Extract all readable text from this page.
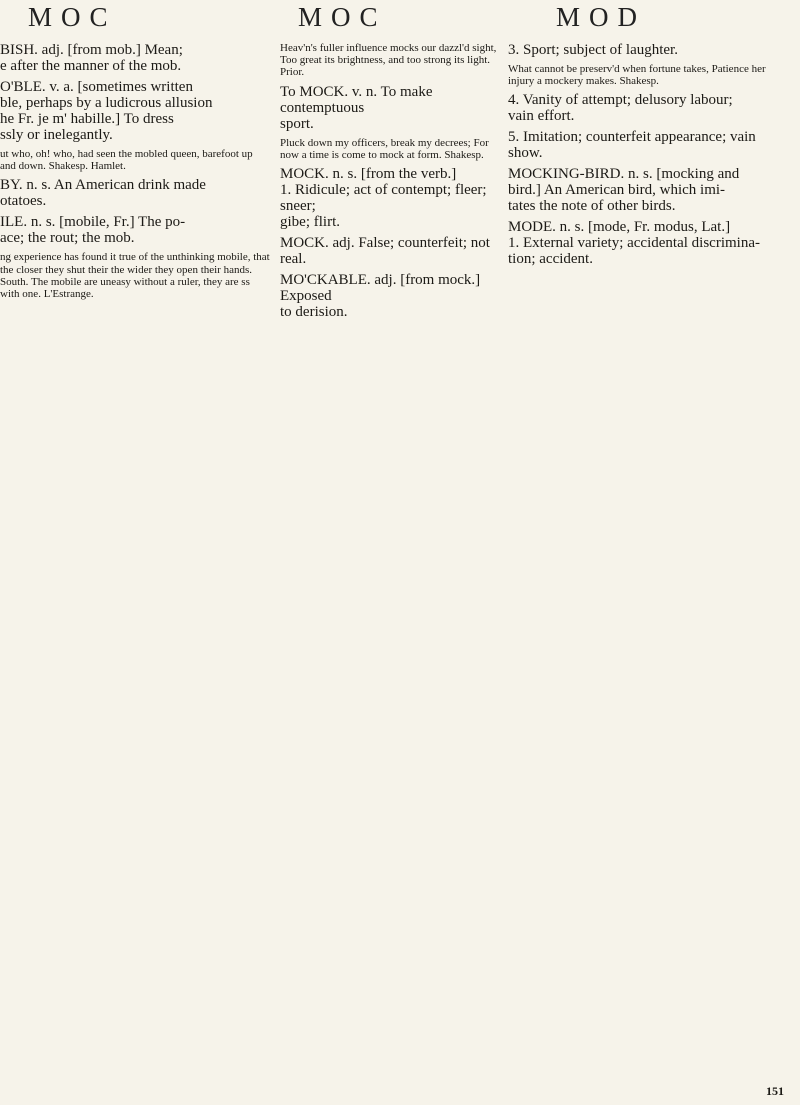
MOC	MOC	MOD
BISH. adj. [from mob.] Mean;
e after the manner of the mob.
O'BLE. v. a. [sometimes written
ble, perhaps by a ludicrous allusion
he Fr. je m' habille.] To dress
ssly or inelegantly.
ut who, oh! who, had seen the mobled queen, barefoot up and down. Shakesp. Hamlet.
BY. n. s. An American drink made
otatoes.
ILE. n. s. [mobile, Fr.] The po-
ace; the rout; the mob.
ng experience has found it true of the unthinking mobile, that the closer they shut their the wider they open their hands. South. The mobile are uneasy without a ruler, they are ss with one. L'Estrange.
Heav'n's fuller influence mocks our dazzl'd sight, Too great its brightness, and too strong its light. Prior.
To MOCK. v. n. To make contemptuous
sport.
Pluck down my officers, break my decrees; For now a time is come to mock at form. Shakesp.
MOCK. n. s. [from the verb.]
1. Ridicule; act of contempt; fleer; sneer;
gibe; flirt.
MOCK. adj. False; counterfeit; not
real.
MO'CKABLE. adj. [from mock.] Exposed
to derision.
3. Sport; subject of laughter.
What cannot be preserv'd when fortune takes, Patience her injury a mockery makes. Shakesp.
4. Vanity of attempt; delusory labour;
vain effort.
5. Imitation; counterfeit appearance; vain
show.
MOCKING-BIRD. n. s. [mocking and
bird.] An American bird, which imi-
tates the note of other birds.
MODE. n. s. [mode, Fr. modus, Lat.]
1. External variety; accidental discrimina-
tion; accident.
151
